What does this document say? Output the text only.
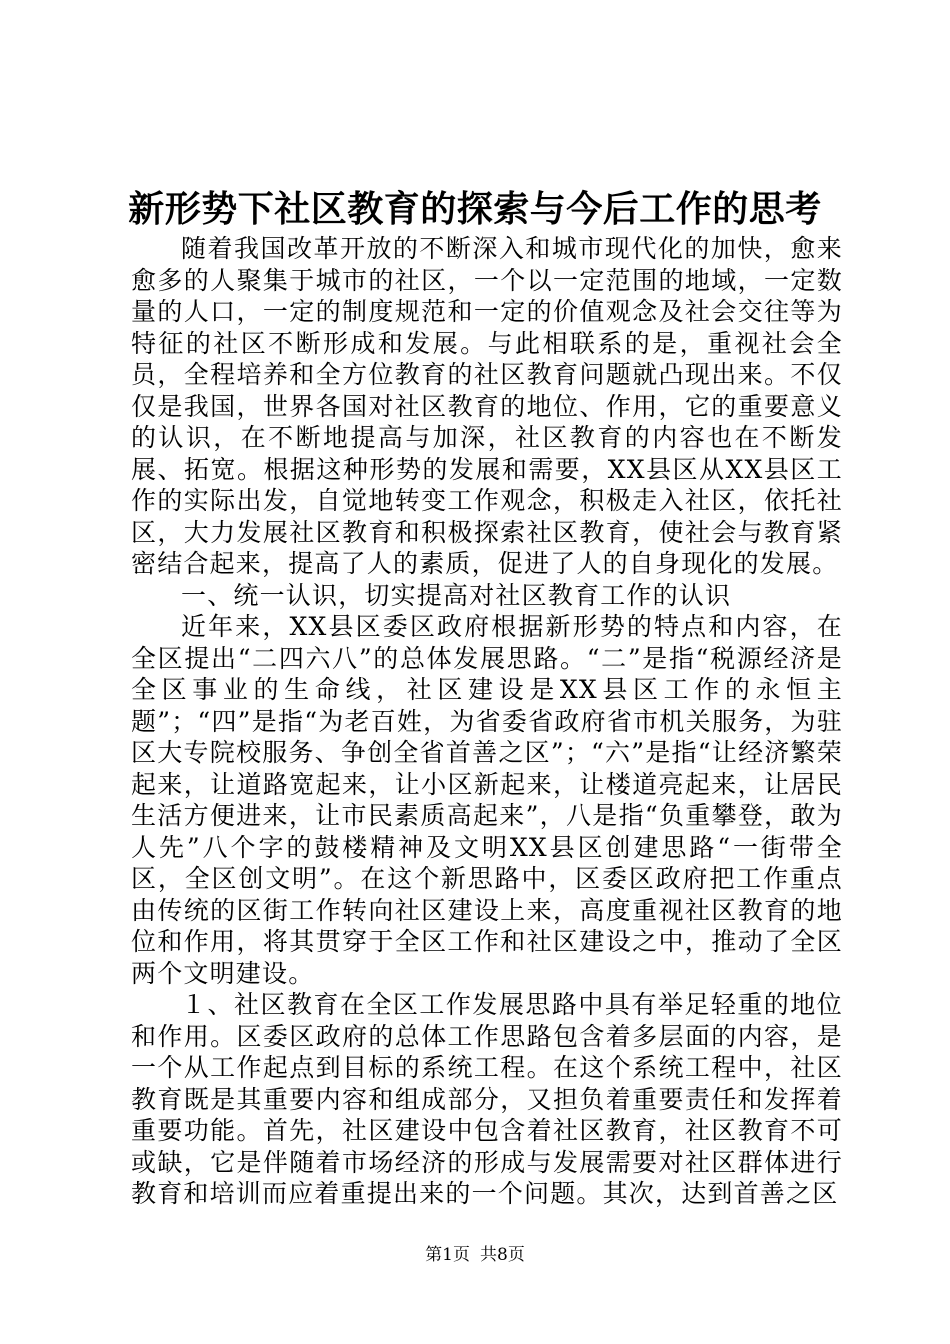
新形势下社区教育的探索与今后工作的思考

随着我国改革开放的不断深入和城市现代化的加快，愈来愈多的人聚集于城市的社区，一个以一定范围的地域，一定数量的人口，一定的制度规范和一定的价值观念及社会交往等为特征的社区不断形成和发展。与此相联系的是，重视社会全员，全程培养和全方位教育的社区教育问题就凸现出来。不仅仅是我国，世界各国对社区教育的地位、作用，它的重要意义的认识，在不断地提高与加深，社区教育的内容也在不断发展、拓宽。根据这种形势的发展和需要，XX县区从XX县区工作的实际出发，自觉地转变工作观念，积极走入社区，依托社区，大力发展社区教育和积极探索社区教育，使社会与教育紧密结合起来，提高了人的素质，促进了人的自身现化的发展。

一、统一认识，切实提高对社区教育工作的认识

近年来，XX县区委区政府根据新形势的特点和内容，在全区提出“二四六八”的总体发展思路。“二”是指“税源经济是全区事业的生命线，社区建设是XX县区工作的永恒主题”；“四”是指“为老百姓，为省委省政府省市机关服务，为驻区大专院校服务、争创全省首善之区”；“六”是指“让经济繁荣起来，让道路宽起来，让小区新起来，让楼道亮起来，让居民生活方便进来，让市民素质高起来”，八是指“负重攀登，敢为人先”八个字的鼓楼精神及文明XX县区创建思路“一街带全区，全区创文明”。在这个新思路中，区委区政府把工作重点由传统的区街工作转向社区建设上来，高度重视社区教育的地位和作用，将其贯穿于全区工作和社区建设之中，推动了全区两个文明建设。

１、社区教育在全区工作发展思路中具有举足轻重的地位和作用。区委区政府的总体工作思路包含着多层面的内容，是一个从工作起点到目标的系统工程。在这个系统工程中，社区教育既是其重要内容和组成部分，又担负着重要责任和发挥着重要功能。首先，社区建设中包含着社区教育，社区教育不可或缺，它是伴随着市场经济的形成与发展需要对社区群体进行教育和培训而应着重提出来的一个问题。其次，达到首善之区

第1页 共8页
